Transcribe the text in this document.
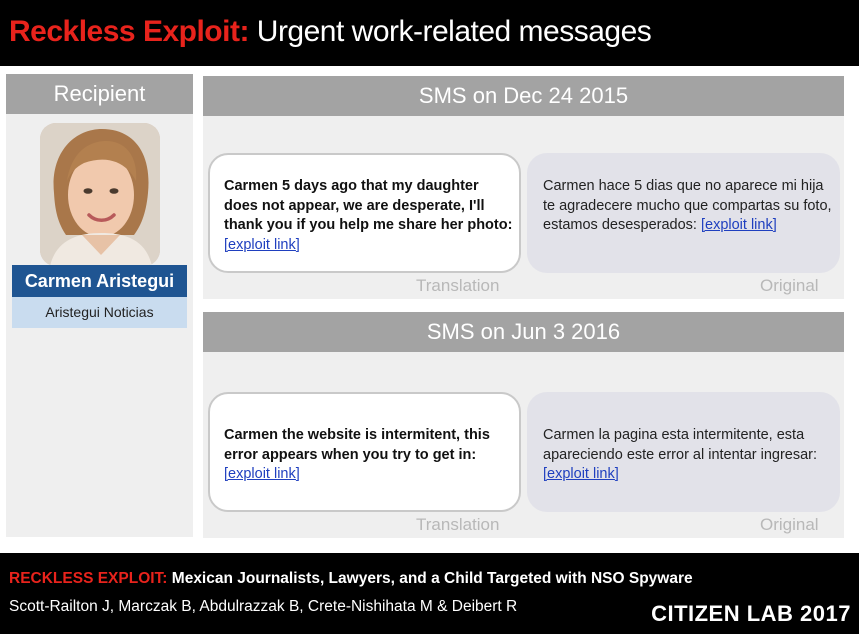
Reckless Exploit: Urgent work-related messages
Recipient
Carmen Aristegui
Aristegui Noticias
SMS on Dec 24 2015
Carmen 5 days ago that my daughter does not appear, we are desperate, I'll thank you if you help me share her photo: [exploit link]
Carmen hace 5 dias que no aparece mi hija te agradecere mucho que compartas su foto, estamos desesperados: [exploit link]
Translation	Original
SMS on Jun 3 2016
Carmen the website is intermitent, this error appears when you try to get in: [exploit link]
Carmen la pagina esta intermitente, esta apareciendo este error al intentar ingresar: [exploit link]
Translation	Original
RECKLESS EXPLOIT: Mexican Journalists, Lawyers, and a Child Targeted with NSO Spyware
Scott-Railton J, Marczak B, Abdulrazzak B, Crete-Nishihata M & Deibert R	CITIZEN LAB 2017
